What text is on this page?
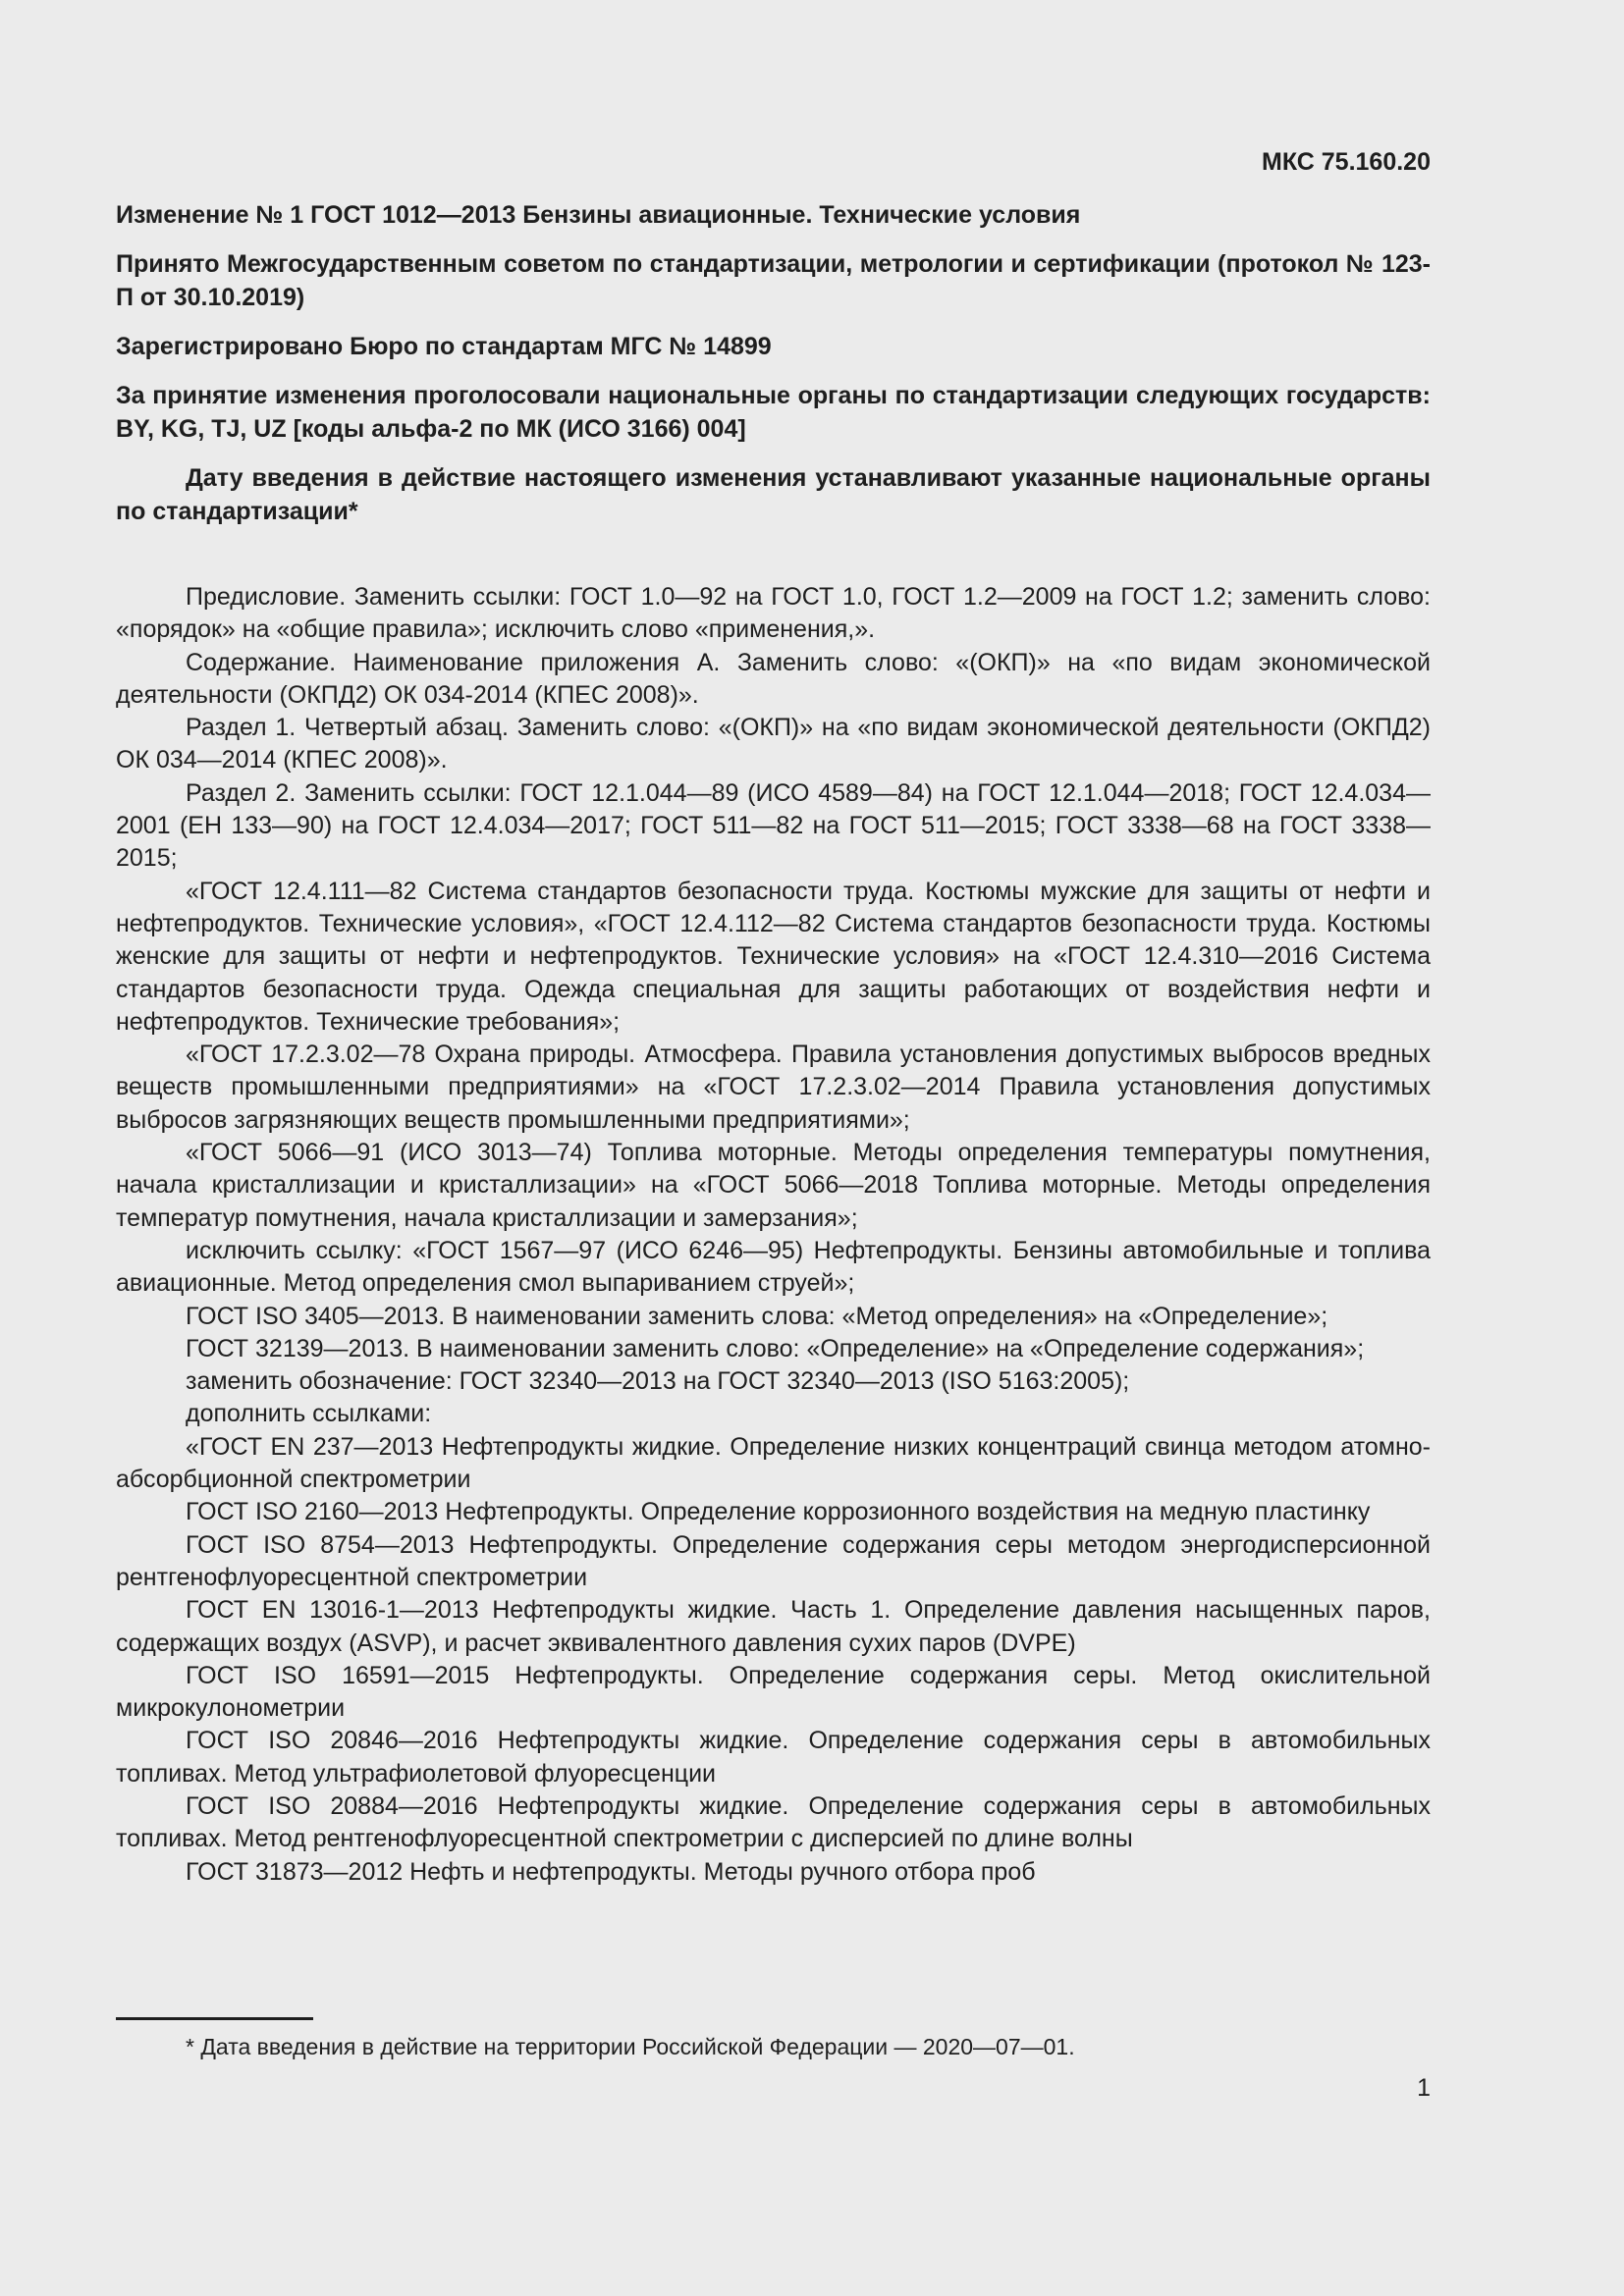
МКС 75.160.20

Изменение № 1 ГОСТ 1012—2013 Бензины авиационные. Технические условия

Принято Межгосударственным советом по стандартизации, метрологии и сертификации (протокол № 123-П от 30.10.2019)

Зарегистрировано Бюро по стандартам МГС № 14899

За принятие изменения проголосовали национальные органы по стандартизации следующих государств: BY, KG, TJ, UZ [коды альфа-2 по МК (ИСО 3166) 004]

Дату введения в действие настоящего изменения устанавливают указанные национальные органы по стандартизации*

Предисловие. Заменить ссылки: ГОСТ 1.0—92 на ГОСТ 1.0, ГОСТ 1.2—2009 на ГОСТ 1.2; заменить слово: «порядок» на «общие правила»; исключить слово «применения,».

Содержание. Наименование приложения А. Заменить слово: «(ОКП)» на «по видам экономической деятельности (ОКПД2) ОК 034-2014 (КПЕС 2008)».

Раздел 1. Четвертый абзац. Заменить слово: «(ОКП)» на «по видам экономической деятельности (ОКПД2) ОК 034—2014 (КПЕС 2008)».

Раздел 2. Заменить ссылки: ГОСТ 12.1.044—89 (ИСО 4589—84) на ГОСТ 12.1.044—2018; ГОСТ 12.4.034—2001 (ЕН 133—90) на ГОСТ 12.4.034—2017; ГОСТ 511—82 на ГОСТ 511—2015; ГОСТ 3338—68 на ГОСТ 3338—2015;

«ГОСТ 12.4.111—82 Система стандартов безопасности труда. Костюмы мужские для защиты от нефти и нефтепродуктов. Технические условия», «ГОСТ 12.4.112—82 Система стандартов безопасности труда. Костюмы женские для защиты от нефти и нефтепродуктов. Технические условия» на «ГОСТ 12.4.310—2016 Система стандартов безопасности труда. Одежда специальная для защиты работающих от воздействия нефти и нефтепродуктов. Технические требования»;

«ГОСТ 17.2.3.02—78 Охрана природы. Атмосфера. Правила установления допустимых выбросов вредных веществ промышленными предприятиями» на «ГОСТ 17.2.3.02—2014 Правила установления допустимых выбросов загрязняющих веществ промышленными предприятиями»;

«ГОСТ 5066—91 (ИСО 3013—74) Топлива моторные. Методы определения температуры помутнения, начала кристаллизации и кристаллизации» на «ГОСТ 5066—2018 Топлива моторные. Методы определения температур помутнения, начала кристаллизации и замерзания»;

исключить ссылку: «ГОСТ 1567—97 (ИСО 6246—95) Нефтепродукты. Бензины автомобильные и топлива авиационные. Метод определения смол выпариванием струей»;

ГОСТ ISO 3405—2013. В наименовании заменить слова: «Метод определения» на «Определение»;

ГОСТ 32139—2013. В наименовании заменить слово: «Определение» на «Определение содержания»;

заменить обозначение: ГОСТ 32340—2013 на ГОСТ 32340—2013 (ISO 5163:2005);

дополнить ссылками:

«ГОСТ EN 237—2013 Нефтепродукты жидкие. Определение низких концентраций свинца методом атомно-абсорбционной спектрометрии

ГОСТ ISO 2160—2013 Нефтепродукты. Определение коррозионного воздействия на медную пластинку

ГОСТ ISO 8754—2013 Нефтепродукты. Определение содержания серы методом энергодисперсионной рентгенофлуоресцентной спектрометрии

ГОСТ EN 13016-1—2013 Нефтепродукты жидкие. Часть 1. Определение давления насыщенных паров, содержащих воздух (ASVP), и расчет эквивалентного давления сухих паров (DVPE)

ГОСТ ISO 16591—2015 Нефтепродукты. Определение содержания серы. Метод окислительной микрокулонометрии

ГОСТ ISO 20846—2016 Нефтепродукты жидкие. Определение содержания серы в автомобильных топливах. Метод ультрафиолетовой флуоресценции

ГОСТ ISO 20884—2016 Нефтепродукты жидкие. Определение содержания серы в автомобильных топливах. Метод рентгенофлуоресцентной спектрометрии с дисперсией по длине волны

ГОСТ 31873—2012 Нефть и нефтепродукты. Методы ручного отбора проб

* Дата введения в действие на территории Российской Федерации — 2020—07—01.
1
